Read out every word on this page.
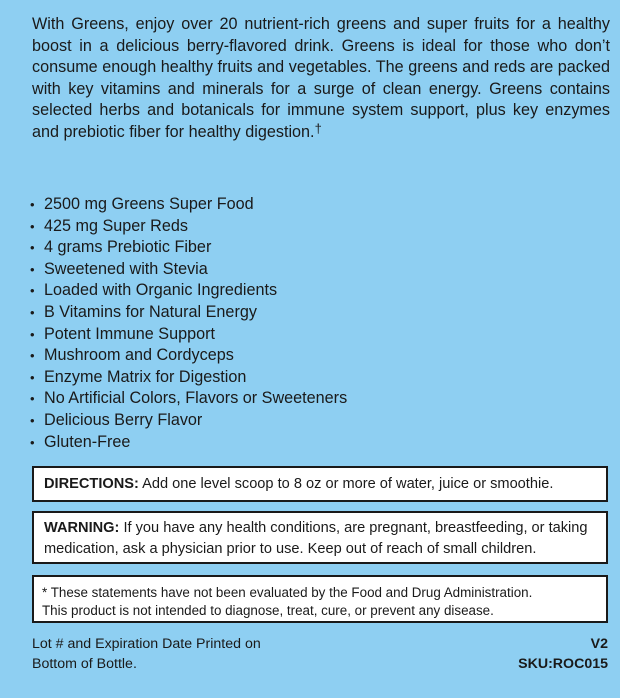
With Greens, enjoy over 20 nutrient-rich greens and super fruits for a healthy boost in a delicious berry-flavored drink. Greens is ideal for those who don’t consume enough healthy fruits and vegetables. The greens and reds are packed with key vitamins and minerals for a surge of clean energy. Greens contains selected herbs and botanicals for immune system support, plus key enzymes and prebiotic fiber for healthy digestion.†
• 2500 mg Greens Super Food
• 425 mg Super Reds
• 4 grams Prebiotic Fiber
• Sweetened with Stevia
• Loaded with Organic Ingredients
• B Vitamins for Natural Energy
• Potent Immune Support
• Mushroom and Cordyceps
• Enzyme Matrix for Digestion
• No Artificial Colors, Flavors or Sweeteners
• Delicious Berry Flavor
• Gluten-Free
DIRECTIONS: Add one level scoop to 8 oz or more of water, juice or smoothie.
WARNING: If you have any health conditions, are pregnant, breastfeeding, or taking medication, ask a physician prior to use. Keep out of reach of small children.
* These statements have not been evaluated by the Food and Drug Administration.
This product is not intended to diagnose, treat, cure, or prevent any disease.
Lot # and Expiration Date Printed on
Bottom of Bottle.
V2
SKU:ROC015
